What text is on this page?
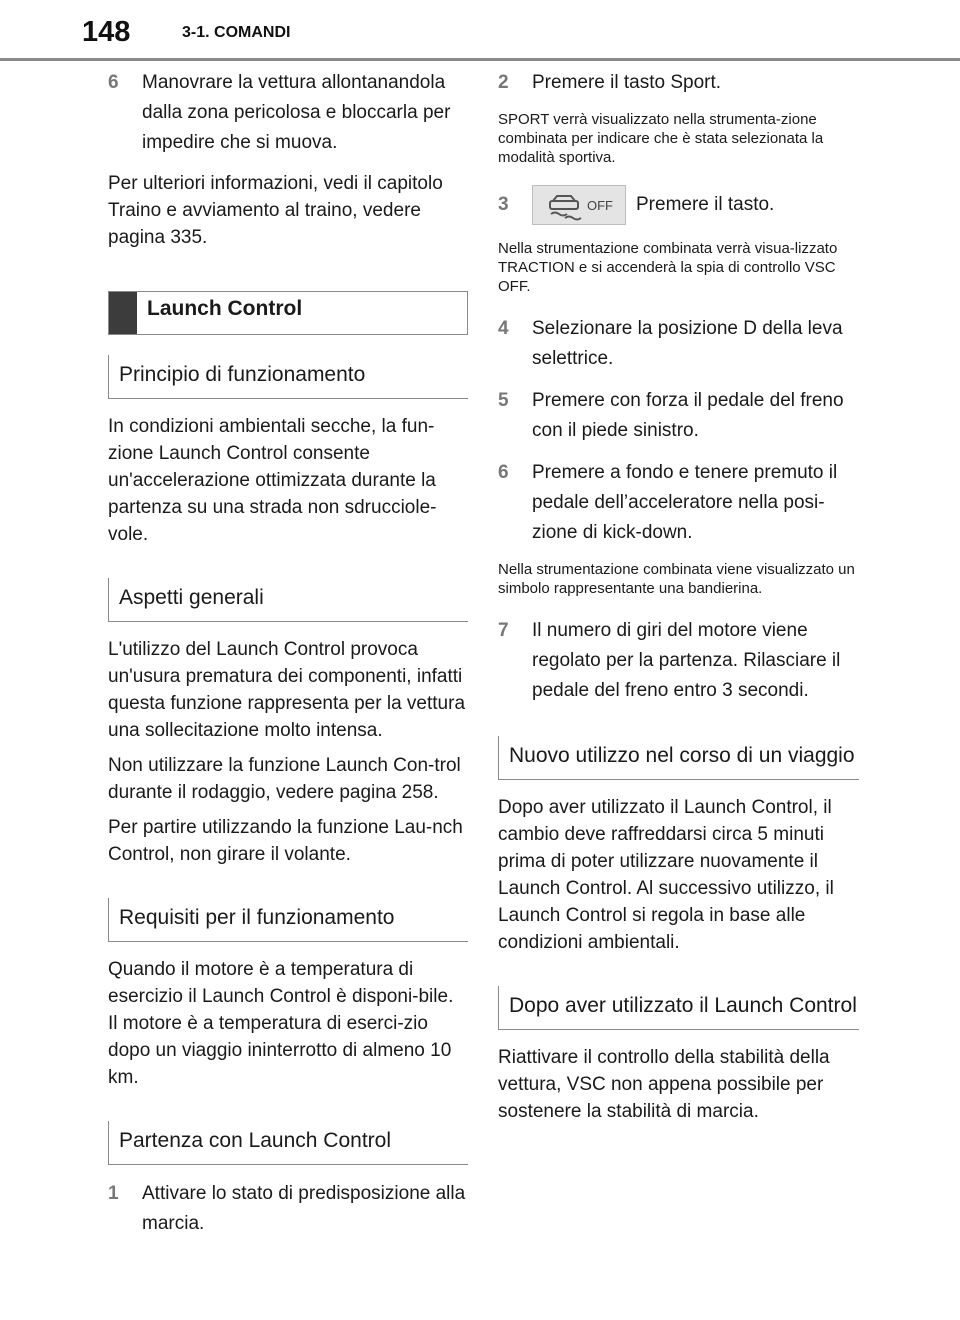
148	3-1. COMANDI
6	Manovrare la vettura allontanandola dalla zona pericolosa e bloccarla per impedire che si muova.
Per ulteriori informazioni, vedi il capitolo Traino e avviamento al traino, vedere pagina 335.
Launch Control
Principio di funzionamento
In condizioni ambientali secche, la fun-zione Launch Control consente un'accelerazione ottimizzata durante la partenza su una strada non sdrucciole-vole.
Aspetti generali
L'utilizzo del Launch Control provoca un'usura prematura dei componenti, infatti questa funzione rappresenta per la vettura una sollecitazione molto intensa.
Non utilizzare la funzione Launch Con-trol durante il rodaggio, vedere pagina 258.
Per partire utilizzando la funzione Lau-nch Control, non girare il volante.
Requisiti per il funzionamento
Quando il motore è a temperatura di esercizio il Launch Control è disponi-bile. Il motore è a temperatura di eserci-zio dopo un viaggio ininterrotto di almeno 10 km.
Partenza con Launch Control
1	Attivare lo stato di predisposizione alla marcia.
2	Premere il tasto Sport.
SPORT verrà visualizzato nella strumenta-zione combinata per indicare che è stata selezionata la modalità sportiva.
3	OFF Premere il tasto.
Nella strumentazione combinata verrà visua-lizzato TRACTION e si accenderà la spia di controllo VSC OFF.
4	Selezionare la posizione D della leva selettrice.
5	Premere con forza il pedale del freno con il piede sinistro.
6	Premere a fondo e tenere premuto il pedale dell’acceleratore nella posi-zione di kick-down.
Nella strumentazione combinata viene visualizzato un simbolo rappresentante una bandierina.
7	Il numero di giri del motore viene regolato per la partenza. Rilasciare il pedale del freno entro 3 secondi.
Nuovo utilizzo nel corso di un viaggio
Dopo aver utilizzato il Launch Control, il cambio deve raffreddarsi circa 5 minuti prima di poter utilizzare nuovamente il Launch Control. Al successivo utilizzo, il Launch Control si regola in base alle condizioni ambientali.
Dopo aver utilizzato il Launch Control
Riattivare il controllo della stabilità della vettura, VSC non appena possibile per sostenere la stabilità di marcia.
